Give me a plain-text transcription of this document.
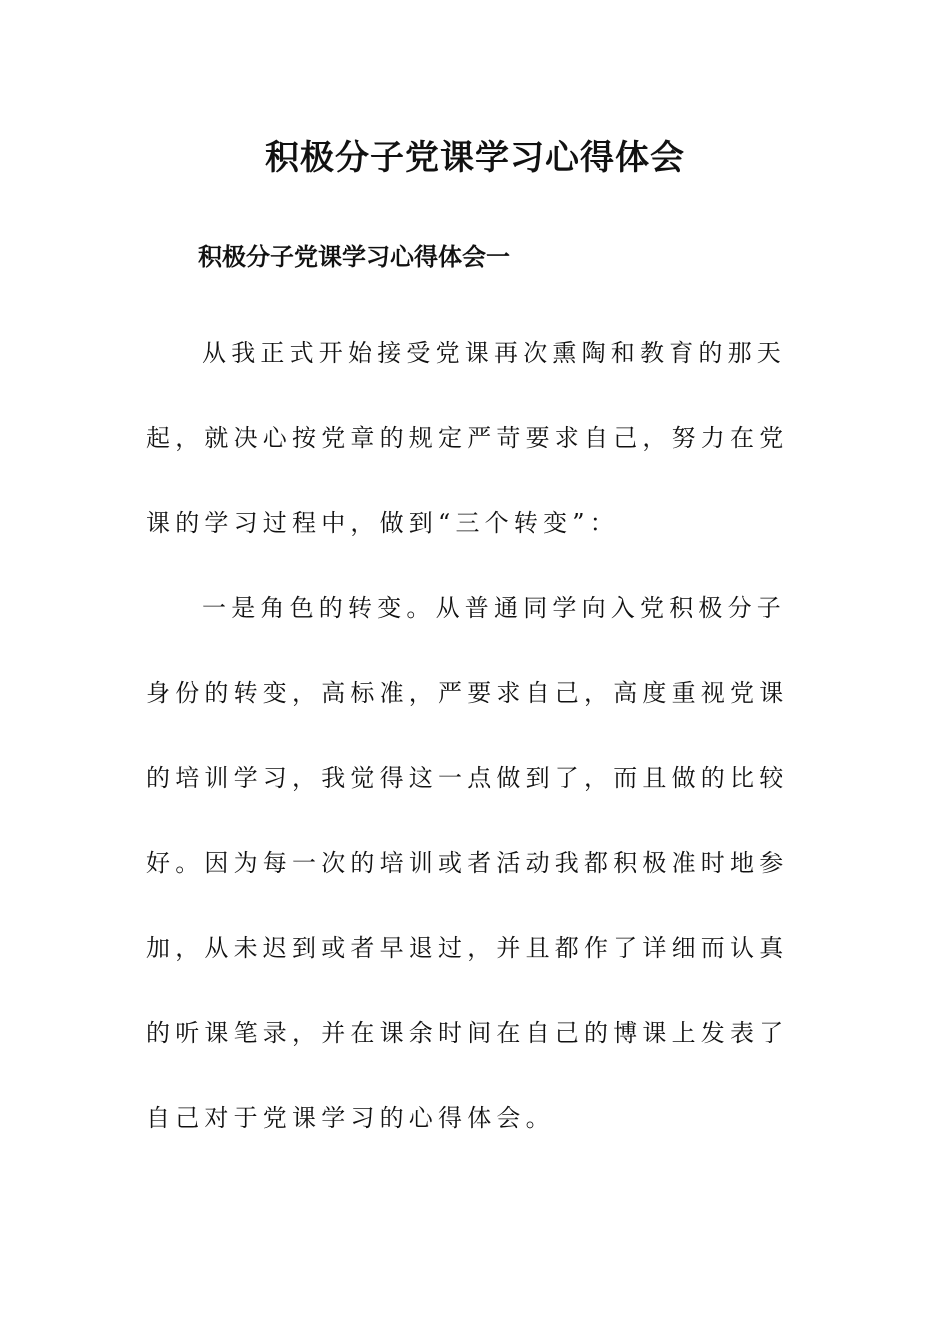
积极分子党课学习心得体会
积极分子党课学习心得体会一

从我正式开始接受党课再次熏陶和教育的那天起，就决心按党章的规定严苛要求自己，努力在党课的学习过程中，做到“三个转变”：

一是角色的转变。从普通同学向入党积极分子身份的转变，高标准，严要求自己，高度重视党课的培训学习，我觉得这一点做到了，而且做的比较好。因为每一次的培训或者活动我都积极准时地参加，从未迟到或者早退过，并且都作了详细而认真的听课笔录，并在课余时间在自己的博课上发表了自己对于党课学习的心得体会。
